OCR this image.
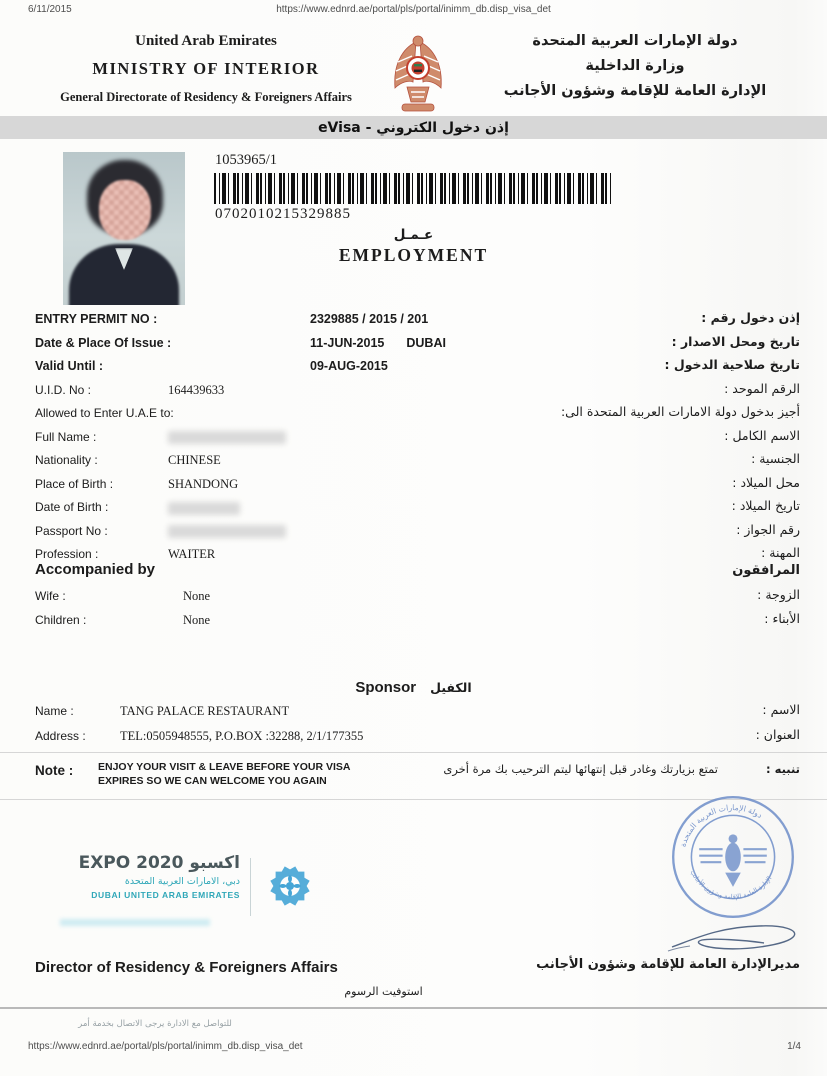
6/11/2015	https://www.ednrd.ae/portal/pls/portal/inimm_db.disp_visa_det
United Arab Emirates
MINISTRY OF INTERIOR
General Directorate of Residency & Foreigners Affairs
دولة الإمارات العربية المتحدة
وزارة الداخلية
الإدارة العامة للإقامة وشؤون الأجانب
إذن دخول الكتروني - eVisa
1053965/1
0702010215329885
عـمـل
EMPLOYMENT
ENTRY PERMIT NO :	2329885 / 2015 / 201	إذن دخول رقم :
Date & Place Of Issue :	11-JUN-2015 DUBAI	تاريخ ومحل الاصدار :
Valid Until :	09-AUG-2015	تاريخ صلاحية الدخول :
U.I.D. No :	164439633	الرقم الموحد :
Allowed to Enter U.A.E to:	أجيز بدخول دولة الامارات العربية المتحدة الى:
Full Name :	الاسم الكامل :
Nationality :	CHINESE	الجنسية :
Place of Birth :	SHANDONG	محل الميلاد :
Date of Birth :	تاريخ الميلاد :
Passport No :	رقم الجواز :
Profession :	WAITER	المهنة :
Accompanied by	المرافقون
Wife :	None	الزوجة :
Children :	None	الأبناء :
Sponsor الكفيل
Name :	TANG PALACE RESTAURANT	الاسم :
Address :	TEL:0505948555, P.O.BOX :32288, 2/1/177355	العنوان :
Note : ENJOY YOUR VISIT & LEAVE BEFORE YOUR VISA
EXPIRES SO WE CAN WELCOME YOU AGAIN
تنبيه :
تمتع بزيارتك وغادر قبل إنتهائها ليتم الترحيب بك مرة أخرى
EXPO 2020 اكسبو
دبي، الامارات العربية المتحدة
DUBAI UNITED ARAB EMIRATES
دولة الإمارات العربية المتحدة
الإدارة العامة للإقامة وشؤون الأجانب
مديرالإدارة العامة للإقامة وشؤون الأجانب
Director of Residency & Foreigners Affairs
استوفيت الرسوم
للتواصل مع الادارة يرجى الاتصال بخدمة أمر
https://www.ednrd.ae/portal/pls/portal/inimm_db.disp_visa_det	1/4
